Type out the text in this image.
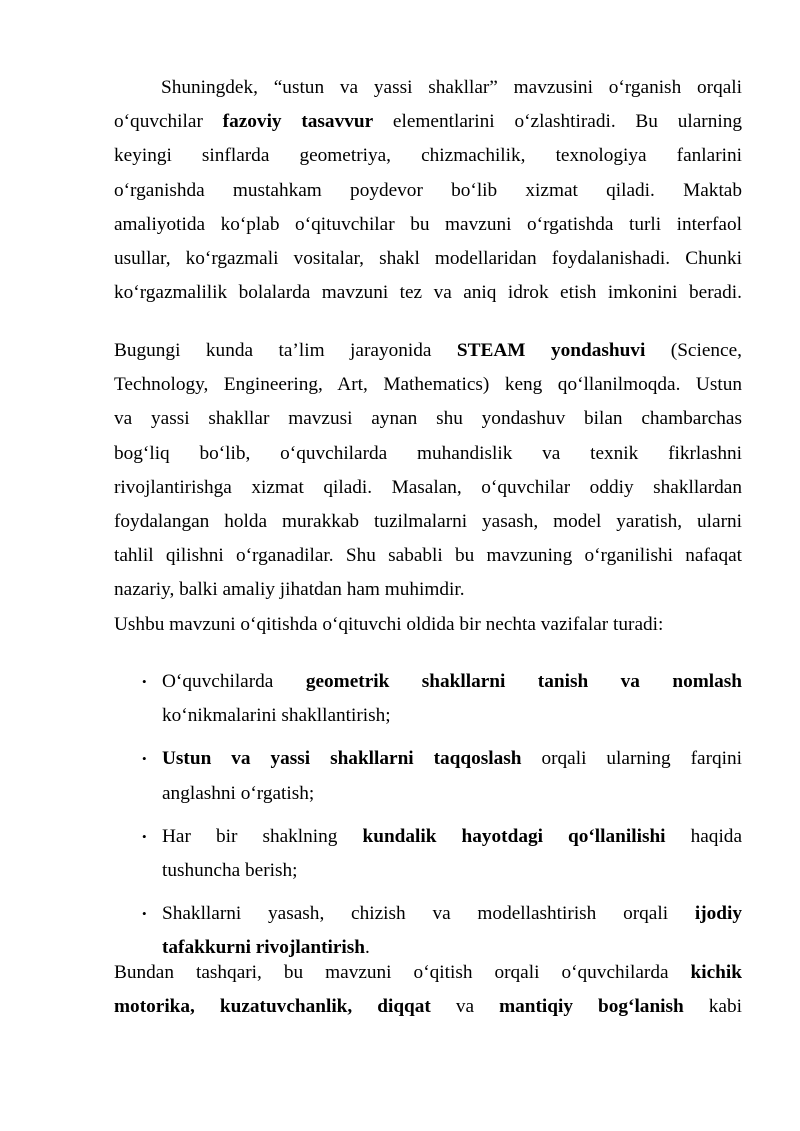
Shuningdek, “ustun va yassi shakllar” mavzusini o‘rganish orqali
o‘quvchilar fazoviy tasavvur elementlarini o‘zlashtiradi. Bu ularning
keyingi sinflarda geometriya, chizmachilik, texnologiya fanlarini
o‘rganishda mustahkam poydevor bo‘lib xizmat qiladi. Maktab
amaliyotida ko‘plab o‘qituvchilar bu mavzuni o‘rgatishda turli interfaol
usullar, ko‘rgazmali vositalar, shakl modellaridan foydalanishadi. Chunki
ko‘rgazmalilik bolalarda mavzuni tez va aniq idrok etish imkonini beradi.
Bugungi kunda ta’lim jarayonida STEAM yondashuvi (Science,
Technology, Engineering, Art, Mathematics) keng qo‘llanilmoqda. Ustun
va yassi shakllar mavzusi aynan shu yondashuv bilan chambarchas
bog‘liq bo‘lib, o‘quvchilarda muhandislik va texnik fikrlashni
rivojlantirishga xizmat qiladi. Masalan, o‘quvchilar oddiy shakllardan
foydalangan holda murakkab tuzilmalarni yasash, model yaratish, ularni
tahlil qilishni o‘rganadilar. Shu sababli bu mavzuning o‘rganilishi nafaqat
nazariy, balki amaliy jihatdan ham muhimdir.
Ushbu mavzuni o‘qitishda o‘qituvchi oldida bir nechta vazifalar turadi:
• O‘quvchilarda geometrik shakllarni tanish va nomlash
ko‘nikmalarini shakllantirish;
• Ustun va yassi shakllarni taqqoslash orqali ularning farqini
anglashni o‘rgatish;
• Har bir shaklning kundalik hayotdagi qo‘llanilishi haqida
tushuncha berish;
• Shakllarni yasash, chizish va modellashtirish orqali ijodiy
tafakkurni rivojlantirish.
Bundan tashqari, bu mavzuni o‘qitish orqali o‘quvchilarda kichik
motorika, kuzatuvchanlik, diqqat va mantiqiy bog‘lanish kabi
